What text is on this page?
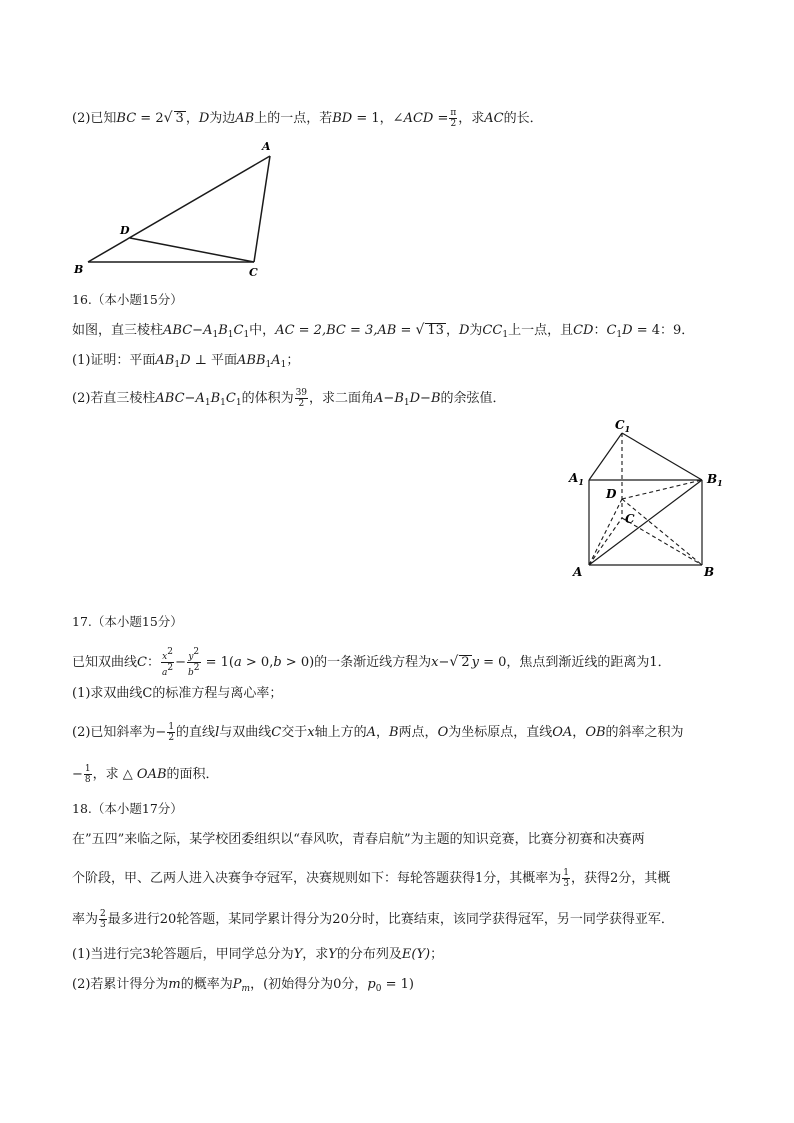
(2)已知BC = 2√ 3 ，D为边AB上的一点，若BD = 1，∠ACD = $\frac{\pi}{2}$ ，求AC的长．
A
B	C
D
16.（本小题15分）
如图，直三棱柱$ABC-A_1B_1C_1$中，AC = 2,BC = 3,AB = √ 13 ，D为$CC_1$上一点，且CD：$C_1D = 4$：9．
(1)证明：平面$AB_1D$ ⊥ 平面$ABB_1A_1$；
(2)若直三棱柱$ABC-A_1B_1C_1$的体积为 $\frac{39}{2}$ ，求二面角$A-B_1D-B$的余弦值．
$C_1$
$A_1$	$B_1$
D
C
A	B
17.（本小题15分）
已知双曲线C： $\frac{x2}{a2} - \frac{y2}{b2} = 1(a > 0,b > 0)$的一条渐近线方程为x−√ 2 y = 0，焦点到渐近线的距离为1．
(1)求双曲线C的标准方程与离心率；
(2)已知斜率为− $\frac{1}{2}$ 的直线l与双曲线C交于x轴上方的A，B两点，O为坐标原点，直线OA，OB的斜率之积为
− $\frac{1}{8}$ ，求 △ OAB的面积．
18.（本小题17分）
在”五四”来临之际，某学校团委组织以“春风吹，青春启航”为主题的知识竞赛，比赛分初赛和决赛两
个阶段，甲、乙两人进入决赛争夺冠军，决赛规则如下：每轮答题获得1分，其概率为 $\frac{1}{3}$ ，获得2分，其概
率为 $\frac{2}{3}$ 最多进行20轮答题，某同学累计得分为20分时，比赛结束，该同学获得冠军，另一同学获得亚军．
(1)当进行完3轮答题后，甲同学总分为Y，求Y的分布列及E(Y)；
(2)若累计得分为m的概率为$P_m$，(初始得分为0分，$p_0 = 1$)
